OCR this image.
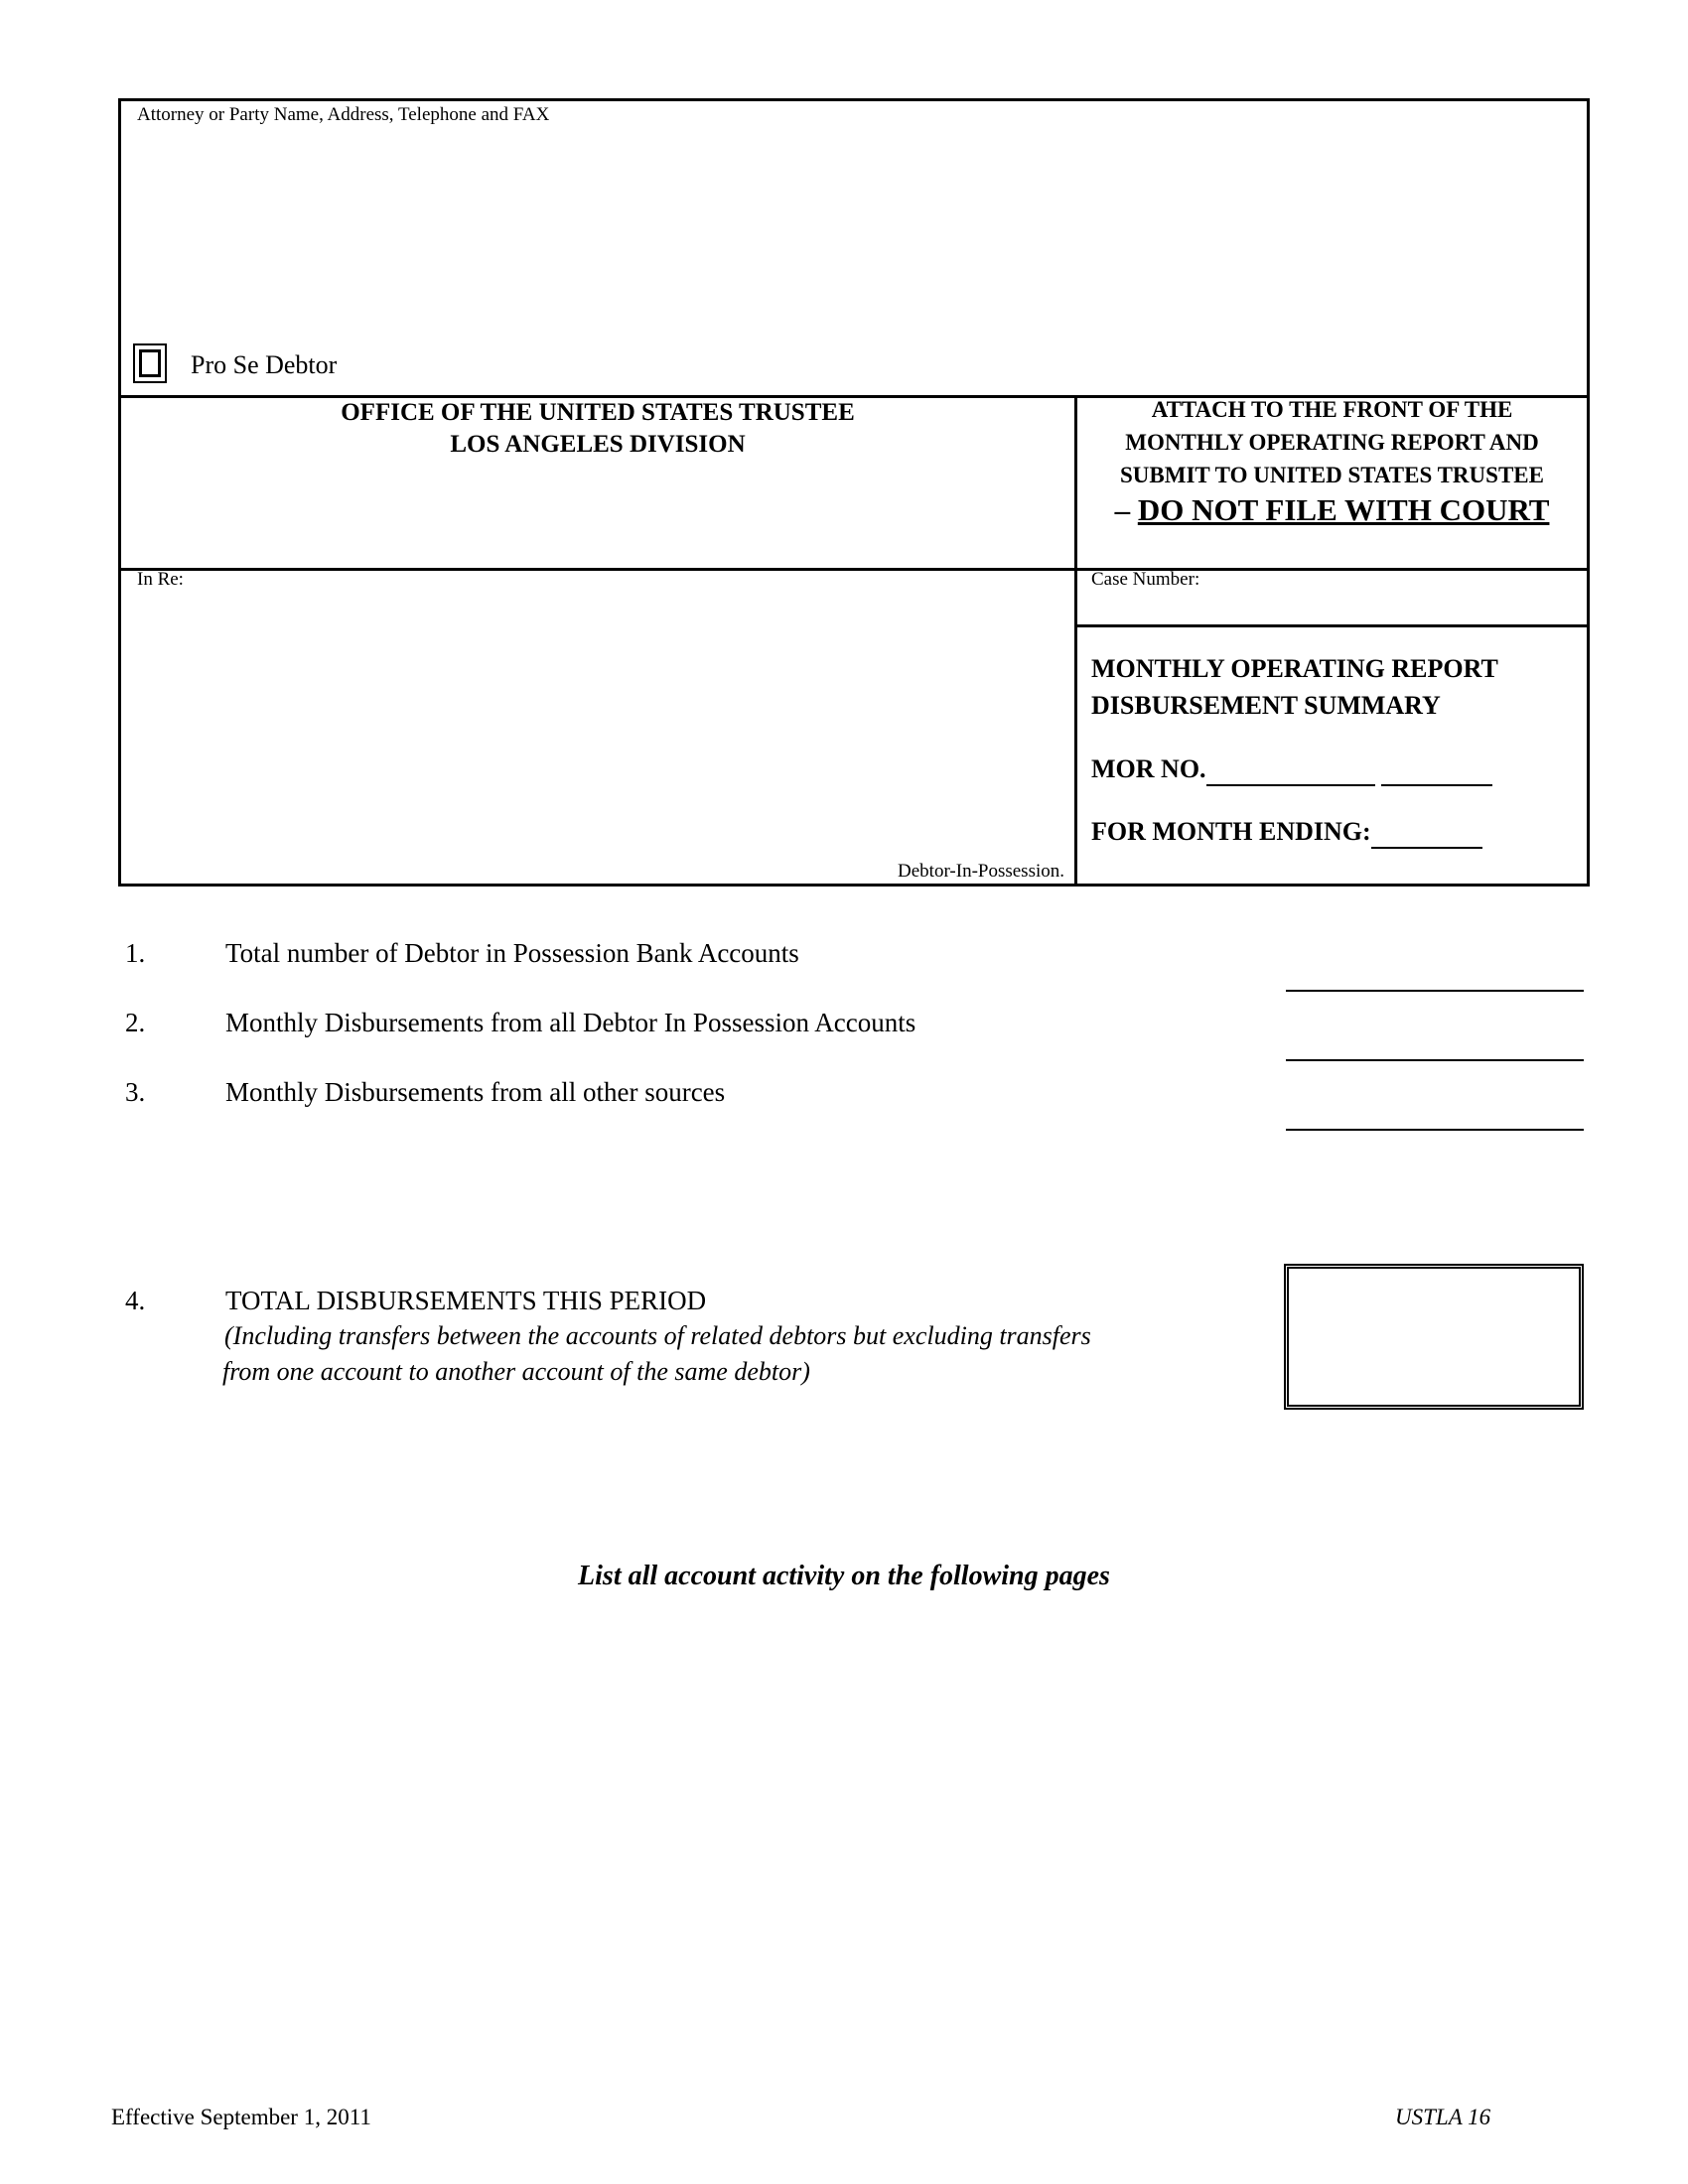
Attorney or Party Name, Address, Telephone and FAX
Pro Se Debtor
OFFICE OF THE UNITED STATES TRUSTEE
LOS ANGELES DIVISION
ATTACH TO THE FRONT OF THE
MONTHLY OPERATING REPORT AND
SUBMIT TO UNITED STATES TRUSTEE
– DO NOT FILE WITH COURT
In Re:
Debtor-In-Possession.
Case Number:
MONTHLY OPERATING REPORT
DISBURSEMENT SUMMARY
MOR NO.
FOR MONTH ENDING:
1.	Total number of Debtor in Possession Bank Accounts
2.	Monthly Disbursements from all Debtor In Possession Accounts
3.	Monthly Disbursements from all other sources
4.	TOTAL DISBURSEMENTS THIS PERIOD
(Including transfers between the accounts of related debtors but excluding transfers
from one account to another account of the same debtor)
List all account activity on the following pages
Effective September 1, 2011	USTLA 16
